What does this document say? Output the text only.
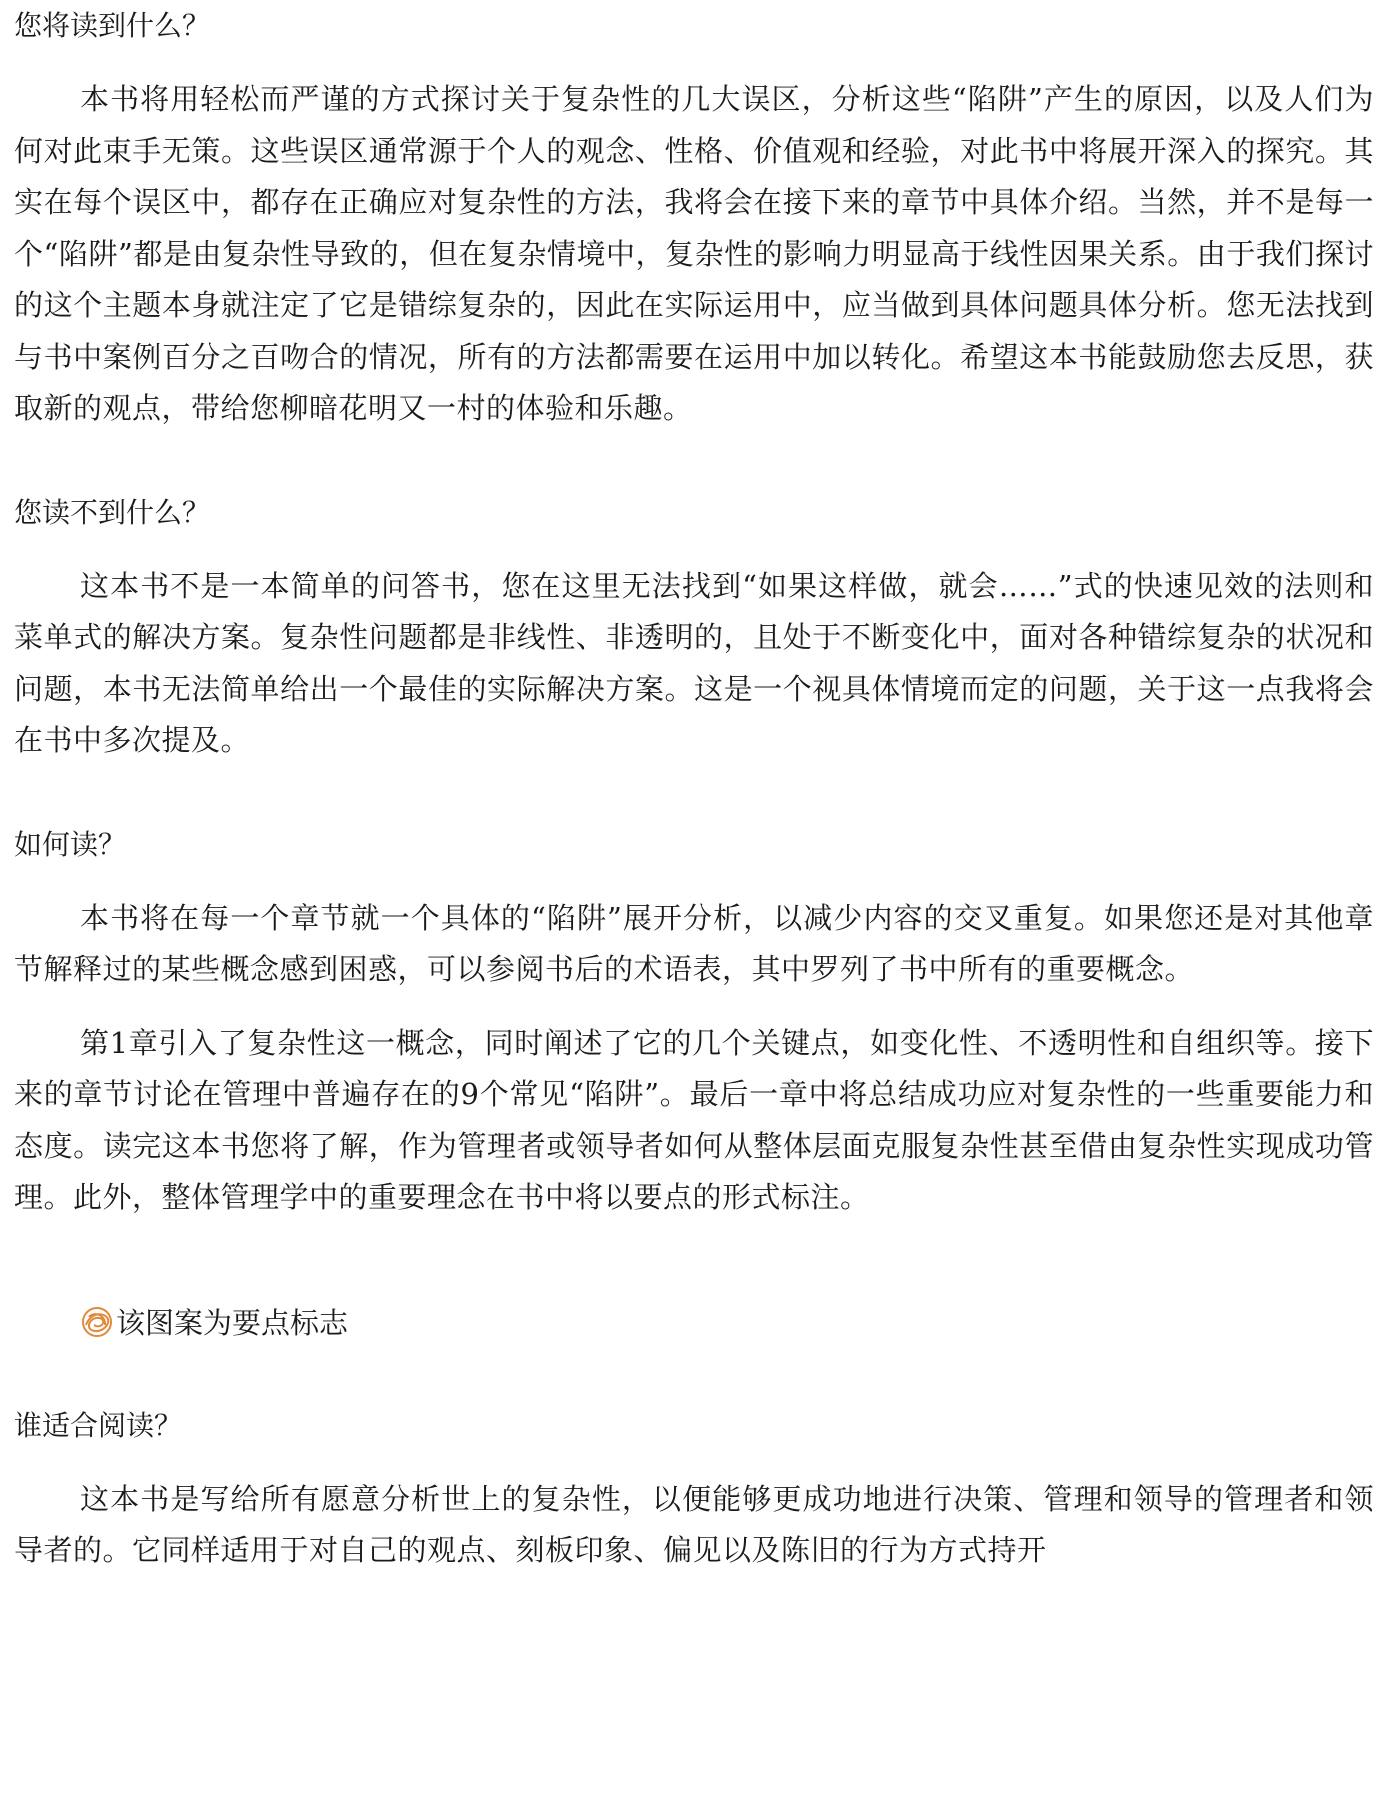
您将读到什么？

本书将用轻松而严谨的方式探讨关于复杂性的几大误区，分析这些“陷阱”产生的原因，以及人们为何对此束手无策。这些误区通常源于个人的观念、性格、价值观和经验，对此书中将展开深入的探究。其实在每个误区中，都存在正确应对复杂性的方法，我将会在接下来的章节中具体介绍。当然，并不是每一个“陷阱”都是由复杂性导致的，但在复杂情境中，复杂性的影响力明显高于线性因果关系。由于我们探讨的这个主题本身就注定了它是错综复杂的，因此在实际运用中，应当做到具体问题具体分析。您无法找到与书中案例百分之百吻合的情况，所有的方法都需要在运用中加以转化。希望这本书能鼓励您去反思，获取新的观点，带给您柳暗花明又一村的体验和乐趣。

您读不到什么？

这本书不是一本简单的问答书，您在这里无法找到“如果这样做，就会……”式的快速见效的法则和菜单式的解决方案。复杂性问题都是非线性、非透明的，且处于不断变化中，面对各种错综复杂的状况和问题，本书无法简单给出一个最佳的实际解决方案。这是一个视具体情境而定的问题，关于这一点我将会在书中多次提及。

如何读？

本书将在每一个章节就一个具体的“陷阱”展开分析，以减少内容的交叉重复。如果您还是对其他章节解释过的某些概念感到困惑，可以参阅书后的术语表，其中罗列了书中所有的重要概念。

第1章引入了复杂性这一概念，同时阐述了它的几个关键点，如变化性、不透明性和自组织等。接下来的章节讨论在管理中普遍存在的9个常见“陷阱”。最后一章中将总结成功应对复杂性的一些重要能力和态度。读完这本书您将了解，作为管理者或领导者如何从整体层面克服复杂性甚至借由复杂性实现成功管理。此外，整体管理学中的重要理念在书中将以要点的形式标注。

该图案为要点标志
谁适合阅读？

这本书是写给所有愿意分析世上的复杂性，以便能够更成功地进行决策、管理和领导的管理者和领导者的。它同样适用于对自己的观点、刻板印象、偏见以及陈旧的行为方式持开
